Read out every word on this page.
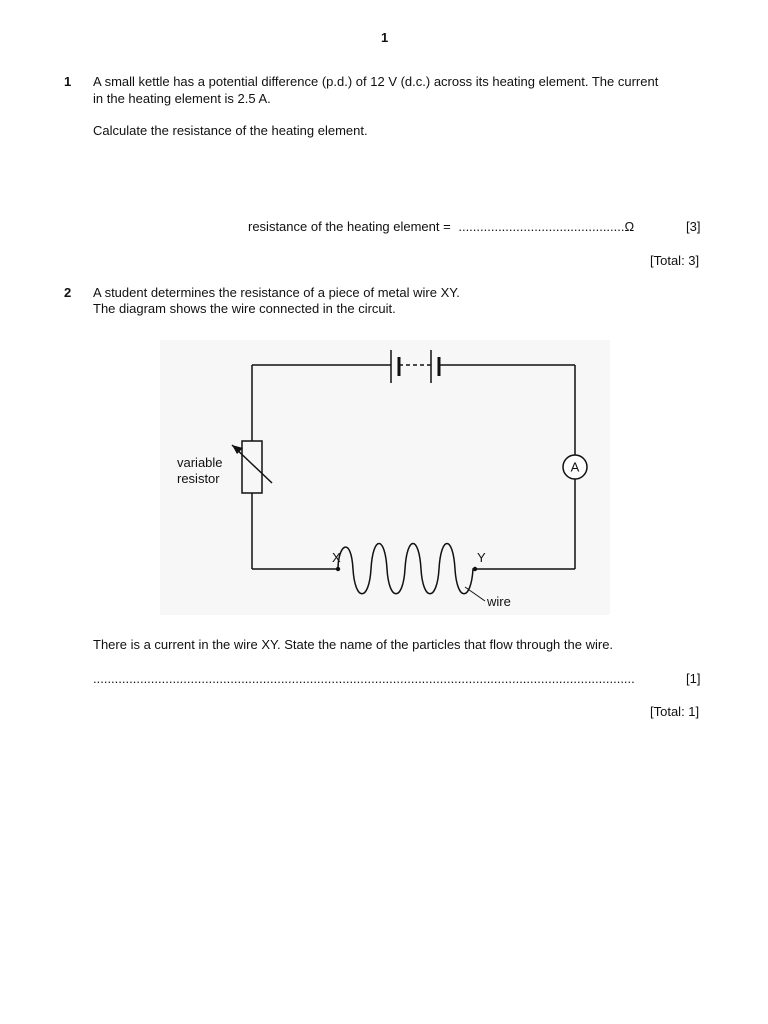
1
1 A small kettle has a potential difference (p.d.) of 12 V (d.c.) across its heating element. The current
in the heating element is 2.5 A.
Calculate the resistance of the heating element.
resistance of the heating element = ..............................................Ω	[3]
[Total: 3]
2 A student determines the resistance of a piece of metal wire XY.
The diagram shows the wire connected in the circuit.
variable
resistor
A
X	Y
wire
There is a current in the wire XY. State the name of the particles that flow through the wire.
......................................................................................................................................................	[1]
[Total: 1]
